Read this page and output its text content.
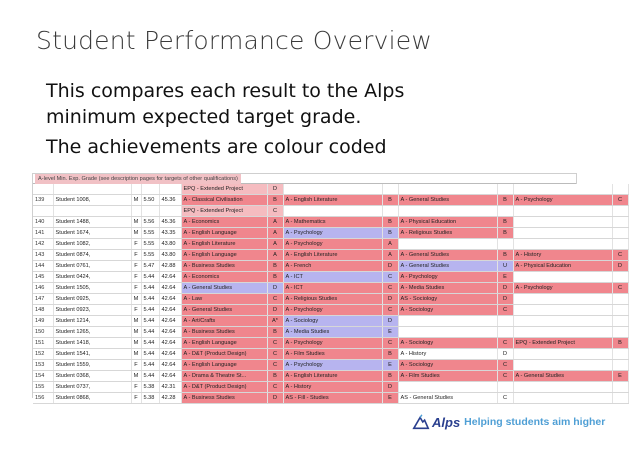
Student Performance Overview
This compares each result to the Alps
minimum expected target grade.
The achievements are colour coded
A-level Min. Exp. Grade (see description pages for targets of other qualifications)
					EPQ - Extended Project	D						
139	Student 1008,	M	5.50	45.36	A - Classical Civilisation	B	A - English Literature	B	A - General Studies	B	A - Psychology	C
					EPQ - Extended Project	C						
140	Student 1488,	M	5.56	45.36	A - Economics	A	A - Mathematics	B	A - Physical Education	B		
141	Student 1674,	M	5.55	43.35	A - English Language	A	A - Psychology	B	A - Religious Studies	B		
142	Student 1082,	F	5.55	43.80	A - English Literature	A	A - Psychology	A				
143	Student 0874,	F	5.55	43.80	A - English Language	A	A - English Literature	A	A - General Studies	B	A - History	C
144	Student 0761,	F	5.47	42.88	A - Business Studies	B	A - French	D	A - General Studies	U	A - Physical Education	D
145	Student 0424,	F	5.44	42.64	A - Economics	B	A - ICT	C	A - Psychology	E		
146	Student 1505,	F	5.44	42.64	A - General Studies	D	A - ICT	C	A - Media Studies	D	A - Psychology	C
147	Student 0925,	M	5.44	42.64	A - Law	C	A - Religious Studies	D	AS - Sociology	D		
148	Student 0923,	F	5.44	42.64	A - General Studies	D	A - Psychology	C	A - Sociology	C		
149	Student 1214,	M	5.44	42.64	A - Art/Crafts	A*	A - Sociology	D				
150	Student 1265,	M	5.44	42.64	A - Business Studies	B	A - Media Studies	E				
151	Student 1418,	M	5.44	42.64	A - English Language	C	A - Psychology	C	A - Sociology	C	EPQ - Extended Project	B
152	Student 1541,	M	5.44	42.64	A - D&T (Product Design)	C	A - Film Studies	B	A - History	D		
153	Student 1559,	F	5.44	42.64	A - English Language	C	A - Psychology	E	A - Sociology	C		
154	Student 0368,	M	5.44	42.64	A - Drama & Theatre St...	B	A - English Literature	B	A - Film Studies	C	A - General Studies	E
155	Student 0737,	F	5.38	42.31	A - D&T (Product Design)	C	A - History	D				
156	Student 0868,	F	5.38	42.28	A - Business Studies	D	AS - Fill - Studies	E	AS - General Studies	C		
Alps Helping students aim higher
